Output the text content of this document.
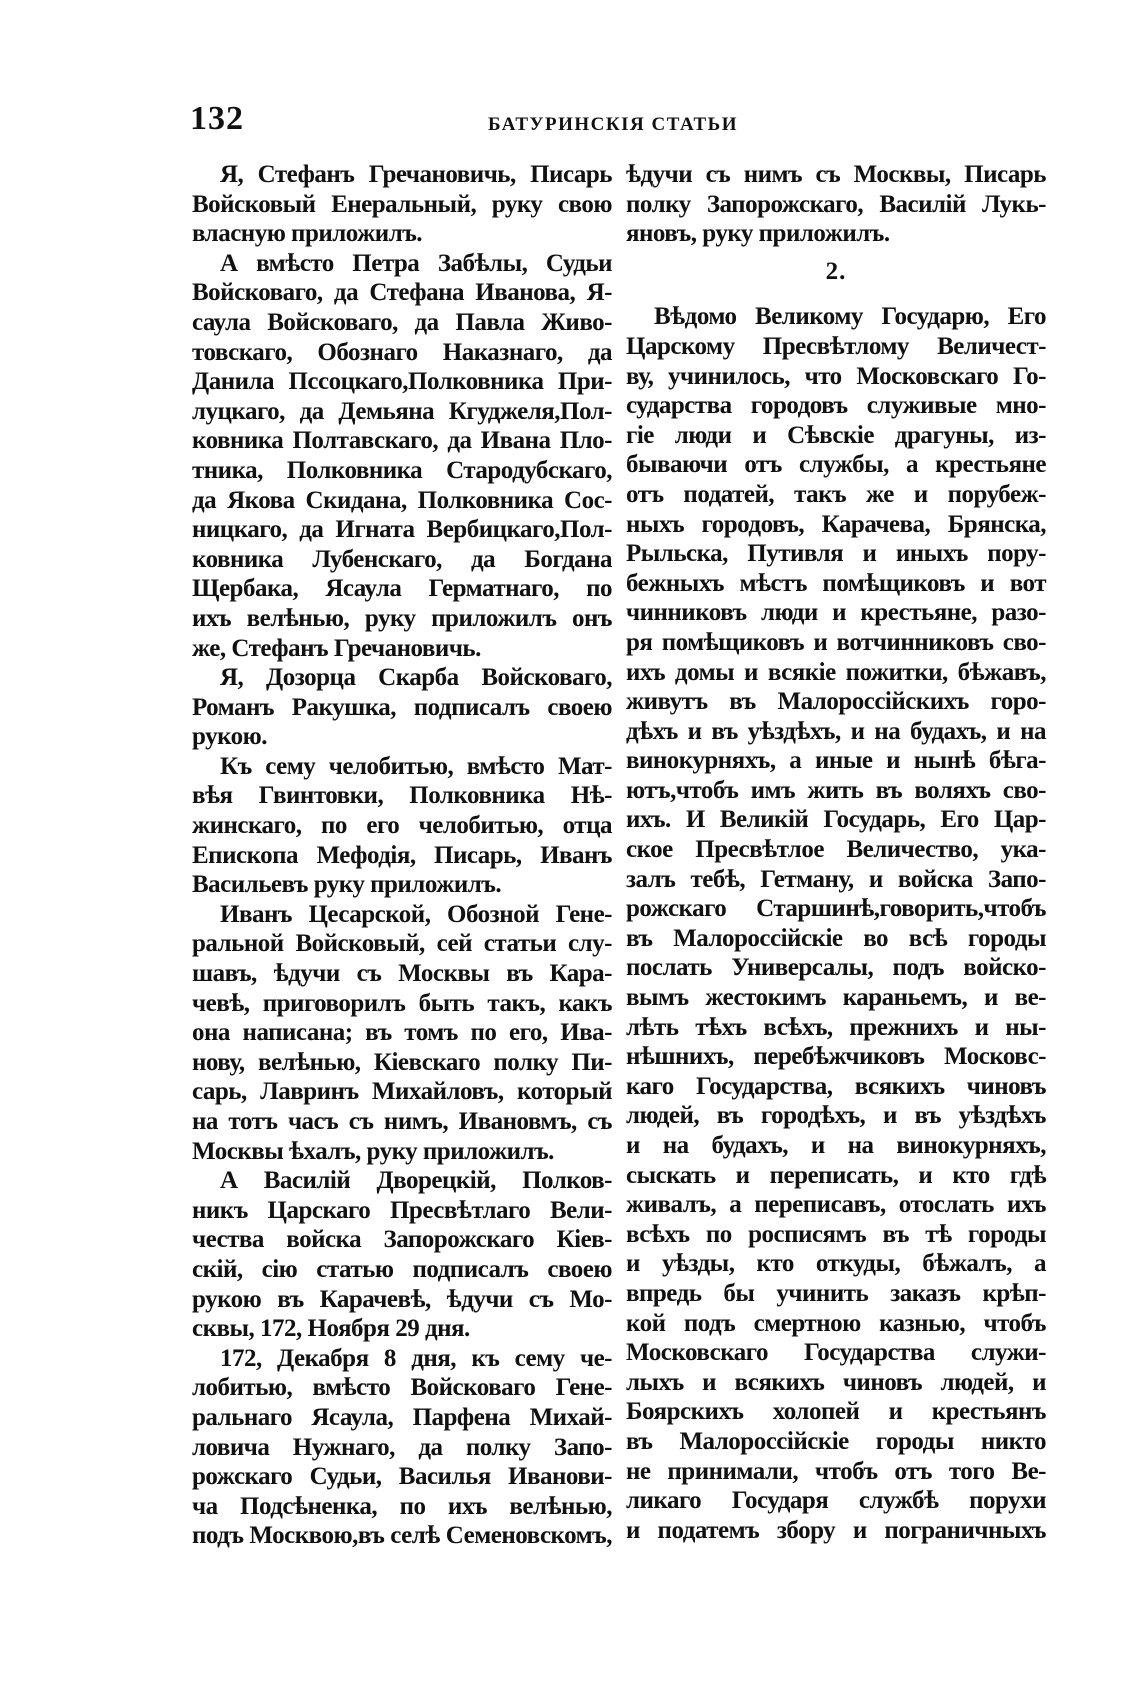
132	БАТУРИНСКІЯ СТАТЬИ
Я, Стефанъ Гречановичь, Писарь
Войсковый Енеральный, руку свою
власную приложилъ.
А вмѣсто Петра Забѣлы, Судьи
Войсковаго, да Стефана Иванова, Я-
саула Войсковаго, да Павла Живо-
товскаго, Обознаго Наказнаго, да
Данила Пссоцкаго,Полковника При-
луцкаго, да Демьяна Кгуджеля,Пол-
ковника Полтавскаго, да Ивана Пло-
тника, Полковника Стародубскаго,
да Якова Скидана, Полковника Сос-
ницкаго, да Игната Вербицкаго,Пол-
ковника Лубенскаго, да Богдана
Щербака, Ясаула Герматнаго, по
ихъ велѣнью, руку приложилъ онъ
же, Стефанъ Гречановичь.
Я, Дозорца Скарба Войсковаго,
Романъ Ракушка, подписалъ своею
рукою.
Къ сему челобитью, вмѣсто Мат-
вѣя Гвинтовки, Полковника Нѣ-
жинскаго, по его челобитью, отца
Епископа Мефодія, Писарь, Иванъ
Васильевъ руку приложилъ.
Иванъ Цесарской, Обозной Гене-
ральной Войсковый, сей статьи слу-
шавъ, ѣдучи съ Москвы въ Кара-
чевѣ, приговорилъ быть такъ, какъ
она написана; въ томъ по его, Ива-
нову, велѣнью, Кіевскаго полку Пи-
сарь, Лавринъ Михайловъ, который
на тотъ часъ съ нимъ, Ивановмъ, съ
Москвы ѣхалъ, руку приложилъ.
А Василій Дворецкій, Полков-
никъ Царскаго Пресвѣтлаго Вели-
чества войска Запорожскаго Кіев-
скій, сію статью подписалъ своею
рукою въ Карачевѣ, ѣдучи съ Мо-
сквы, 172, Ноября 29 дня.
172, Декабря 8 дня, къ сему че-
лобитью, вмѣсто Войсковаго Гене-
ральнаго Ясаула, Парфена Михай-
ловича Нужнаго, да полку Запо-
рожскаго Судьи, Василья Иванови-
ча Подсѣненка, по ихъ велѣнью,
подъ Москвою,въ селѣ Семеновскомъ,
ѣдучи съ нимъ съ Москвы, Писарь
полку Запорожскаго, Василій Лукь-
яновъ, руку приложилъ.
2.
Вѣдомо Великому Государю, Его
Царскому Пресвѣтлому Величест-
ву, учинилось, что Московскаго Го-
сударства городовъ служивые мно-
гіе люди и Сѣвскіе драгуны, из-
бываючи отъ службы, а крестьяне
отъ податей, такъ же и порубеж-
ныхъ городовъ, Карачева, Брянска,
Рыльска, Путивля и иныхъ пору-
бежныхъ мѣстъ помѣщиковъ и вот
чинниковъ люди и крестьяне, разо-
ря помѣщиковъ и вотчинниковъ сво-
ихъ домы и всякіе пожитки, бѣжавъ,
живутъ въ Малороссійскихъ горо-
дѣхъ и въ уѣздѣхъ, и на будахъ, и на
винокурняхъ, а иные и нынѣ бѣга-
ютъ,чтобъ имъ жить въ воляхъ сво-
ихъ. И Великій Государь, Его Цар-
ское Пресвѣтлое Величество, ука-
залъ тебѣ, Гетману, и войска Запо-
рожскаго Старшинѣ,говорить,чтобъ
въ Малороссійскіе во всѣ городы
послать Универсалы, подъ войско-
вымъ жестокимъ караньемъ, и ве-
лѣть тѣхъ всѣхъ, прежнихъ и ны-
нѣшнихъ, перебѣжчиковъ Московс-
каго Государства, всякихъ чиновъ
людей, въ городѣхъ, и въ уѣздѣхъ
и на будахъ, и на винокурняхъ,
сыскать и переписать, и кто гдѣ
живалъ, а переписавъ, отослать ихъ
всѣхъ по росписямъ въ тѣ городы
и уѣзды, кто откуды, бѣжалъ, а
впредь бы учинить заказъ крѣп-
кой подъ смертною казнью, чтобъ
Московскаго Государства служи-
лыхъ и всякихъ чиновъ людей, и
Боярскихъ холопей и крестьянъ
въ Малороссійскіе городы никто
не принимали, чтобъ отъ того Ве-
ликаго Государя службѣ порухи
и податемъ збору и пограничныхъ
